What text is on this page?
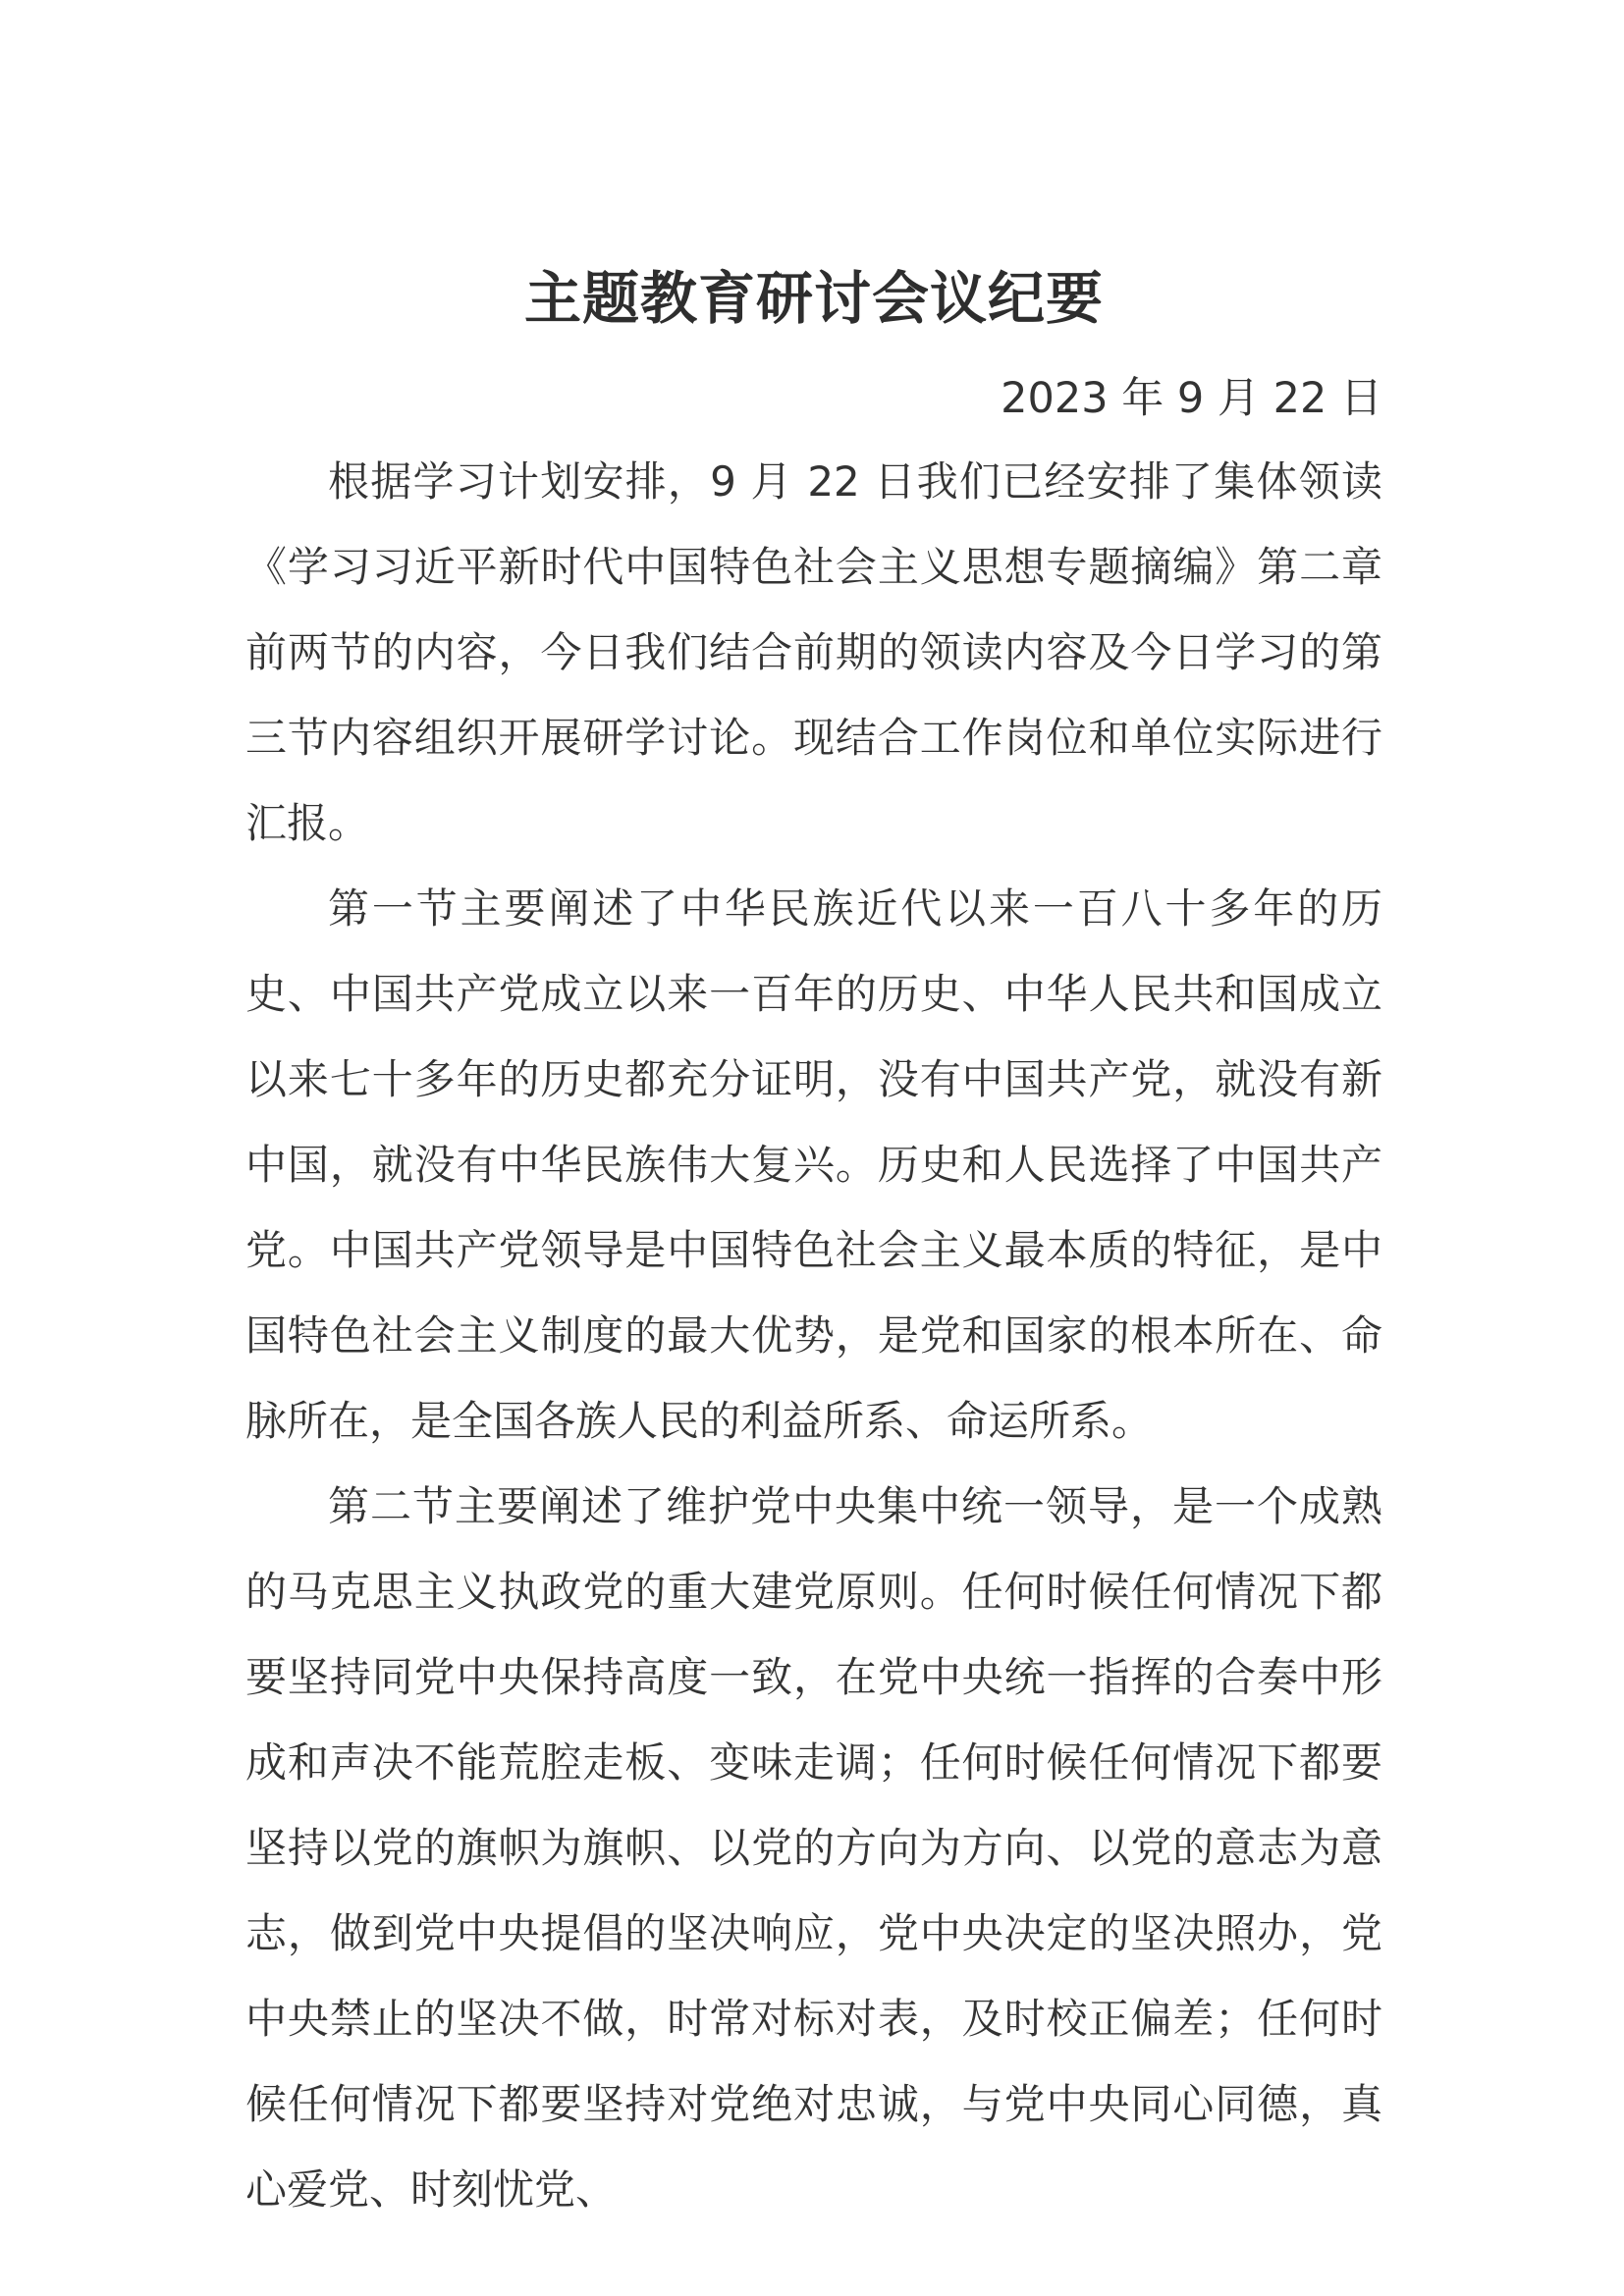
主题教育研讨会议纪要

2023 年 9 月 22 日

根据学习计划安排，9 月 22 日我们已经安排了集体领读《学习习近平新时代中国特色社会主义思想专题摘编》第二章前两节的内容，今日我们结合前期的领读内容及今日学习的第三节内容组织开展研学讨论。现结合工作岗位和单位实际进行汇报。

第一节主要阐述了中华民族近代以来一百八十多年的历史、中国共产党成立以来一百年的历史、中华人民共和国成立以来七十多年的历史都充分证明，没有中国共产党，就没有新中国，就没有中华民族伟大复兴。历史和人民选择了中国共产党。中国共产党领导是中国特色社会主义最本质的特征，是中国特色社会主义制度的最大优势，是党和国家的根本所在、命脉所在，是全国各族人民的利益所系、命运所系。

第二节主要阐述了维护党中央集中统一领导，是一个成熟的马克思主义执政党的重大建党原则。任何时候任何情况下都要坚持同党中央保持高度一致，在党中央统一指挥的合奏中形成和声决不能荒腔走板、变味走调；任何时候任何情况下都要坚持以党的旗帜为旗帜、以党的方向为方向、以党的意志为意志，做到党中央提倡的坚决响应，党中央决定的坚决照办，党中央禁止的坚决不做，时常对标对表，及时校正偏差；任何时候任何情况下都要坚持对党绝对忠诚，与党中央同心同德，真心爱党、时刻忧党、
